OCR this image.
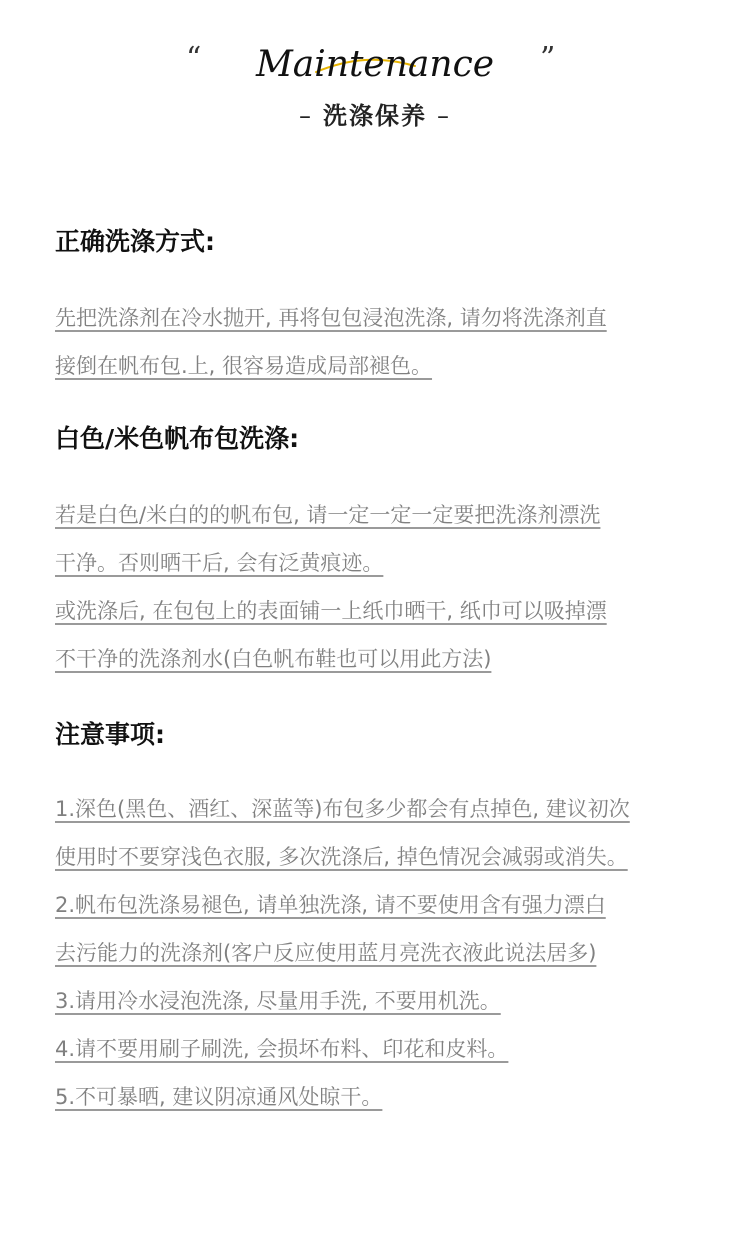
“ Maintenance ”
– 洗涤保养 –
正确洗涤方式:
先把洗涤剂在冷水抛开, 再将包包浸泡洗涤, 请勿将洗涤剂直
接倒在帆布包.上, 很容易造成局部褪色。
白色/米色帆布包洗涤:
若是白色/米白的的帆布包, 请一定一定一定要把洗涤剂漂洗
干净。否则晒干后, 会有泛黄痕迹。
或洗涤后, 在包包上的表面铺一上纸巾晒干, 纸巾可以吸掉漂
不干净的洗涤剂水(白色帆布鞋也可以用此方法)
注意事项:
1.深色(黑色、酒红、深蓝等)布包多少都会有点掉色, 建议初次
使用时不要穿浅色衣服, 多次洗涤后, 掉色情况会减弱或消失。
2.帆布包洗涤易褪色, 请单独洗涤, 请不要使用含有强力漂白
去污能力的洗涤剂(客户反应使用蓝月亮洗衣液此说法居多)
3.请用冷水浸泡洗涤, 尽量用手洗, 不要用机洗。
4.请不要用刷子刷洗, 会损坏布料、印花和皮料。
5.不可暴晒, 建议阴凉通风处晾干。
